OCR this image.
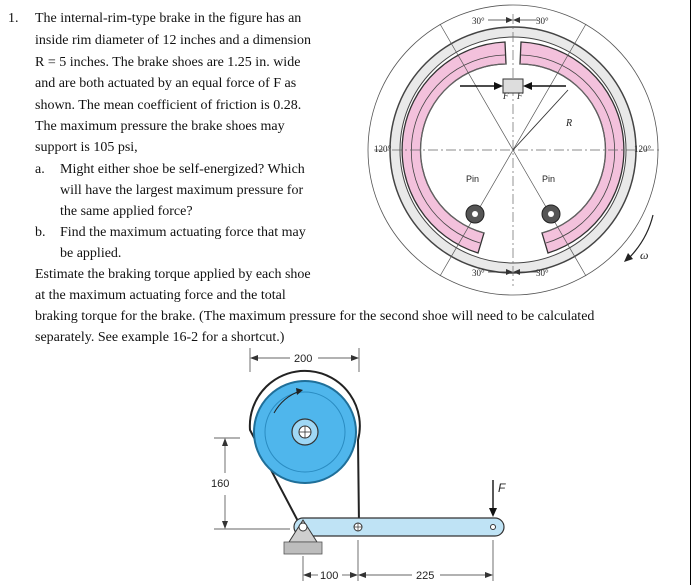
1. The internal-rim-type brake in the figure has an
inside rim diameter of 12 inches and a dimension
R = 5 inches. The brake shoes are 1.25 in. wide
and are both actuated by an equal force of F as
shown. The mean coefficient of friction is 0.28.
The maximum pressure the brake shoes may
support is 105 psi,
a. Might either shoe be self-energized? Which
will have the largest maximum pressure for
the same applied force?
b. Find the maximum actuating force that may
be applied.
Estimate the braking torque applied by each shoe
at the maximum actuating force and the total
braking torque for the brake. (The maximum pressure for the second shoe will need to be calculated
separately. See example 16-2 for a shortcut.)
30°	30°
120°	120°
30°	30°
F F
R
Pin	Pin
ω
200
160
100	225
F
